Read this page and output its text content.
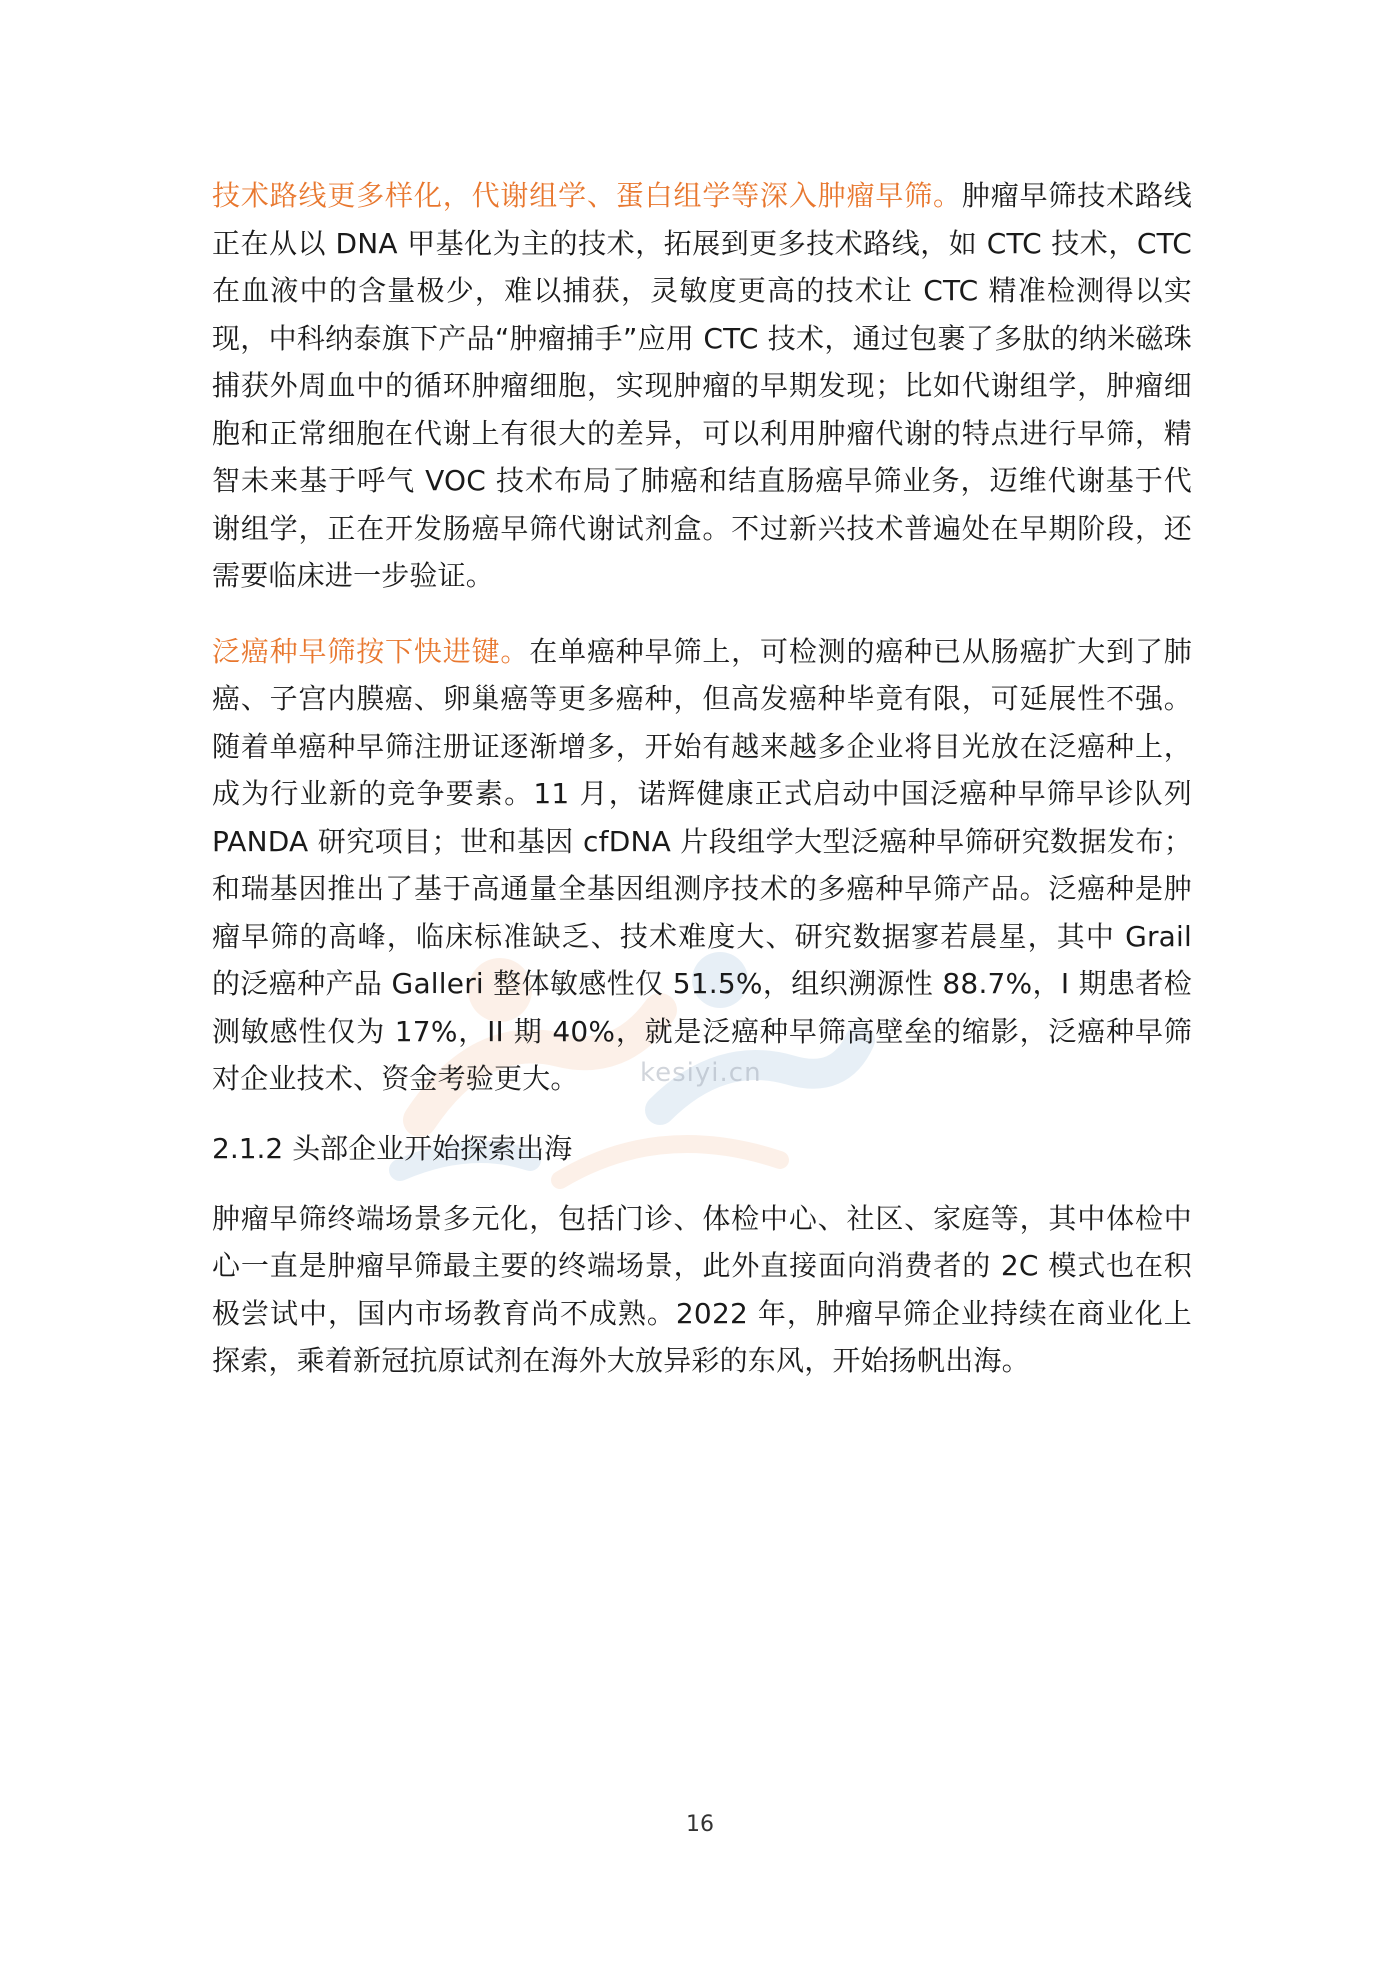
kesiyi.cn

技术路线更多样化，代谢组学、蛋白组学等深入肿瘤早筛。肿瘤早筛技术路线正在从以 DNA 甲基化为主的技术，拓展到更多技术路线，如 CTC 技术，CTC 在血液中的含量极少，难以捕获，灵敏度更高的技术让 CTC 精准检测得以实现，中科纳泰旗下产品“肿瘤捕手”应用 CTC 技术，通过包裹了多肽的纳米磁珠捕获外周血中的循环肿瘤细胞，实现肿瘤的早期发现；比如代谢组学，肿瘤细胞和正常细胞在代谢上有很大的差异，可以利用肿瘤代谢的特点进行早筛，精智未来基于呼气 VOC 技术布局了肺癌和结直肠癌早筛业务，迈维代谢基于代谢组学，正在开发肠癌早筛代谢试剂盒。不过新兴技术普遍处在早期阶段，还需要临床进一步验证。

泛癌种早筛按下快进键。在单癌种早筛上，可检测的癌种已从肠癌扩大到了肺癌、子宫内膜癌、卵巢癌等更多癌种，但高发癌种毕竟有限，可延展性不强。随着单癌种早筛注册证逐渐增多，开始有越来越多企业将目光放在泛癌种上，成为行业新的竞争要素。11 月，诺辉健康正式启动中国泛癌种早筛早诊队列 PANDA 研究项目；世和基因 cfDNA 片段组学大型泛癌种早筛研究数据发布；和瑞基因推出了基于高通量全基因组测序技术的多癌种早筛产品。泛癌种是肿瘤早筛的高峰，临床标准缺乏、技术难度大、研究数据寥若晨星，其中 Grail 的泛癌种产品 Galleri 整体敏感性仅 51.5%，组织溯源性 88.7%，I 期患者检测敏感性仅为 17%，II 期 40%，就是泛癌种早筛高壁垒的缩影，泛癌种早筛对企业技术、资金考验更大。

2.1.2 头部企业开始探索出海

肿瘤早筛终端场景多元化，包括门诊、体检中心、社区、家庭等，其中体检中心一直是肿瘤早筛最主要的终端场景，此外直接面向消费者的 2C 模式也在积极尝试中，国内市场教育尚不成熟。2022 年，肿瘤早筛企业持续在商业化上探索，乘着新冠抗原试剂在海外大放异彩的东风，开始扬帆出海。

16
